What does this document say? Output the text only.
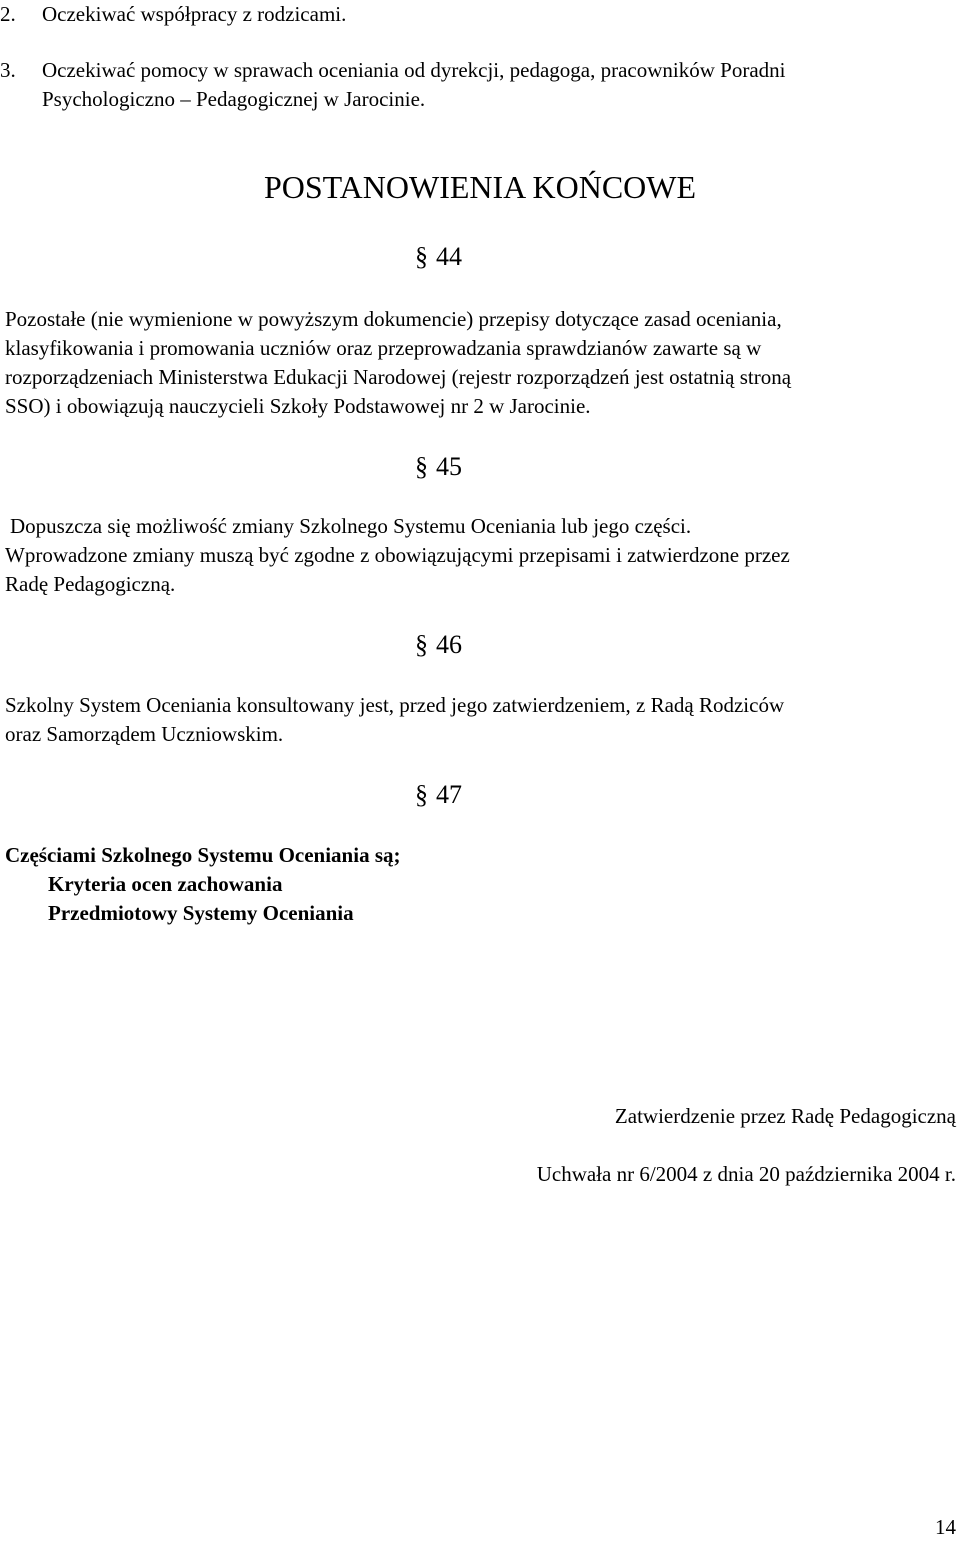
2. Oczekiwać współpracy z rodzicami.
3. Oczekiwać pomocy w sprawach oceniania od dyrekcji, pedagoga, pracowników Poradni
Psychologiczno – Pedagogicznej w Jarocinie.
POSTANOWIENIA KOŃCOWE
§ 44
Pozostałe (nie wymienione w powyższym dokumencie) przepisy dotyczące zasad oceniania,
klasyfikowania i promowania uczniów oraz przeprowadzania sprawdzianów zawarte są w
rozporządzeniach Ministerstwa Edukacji Narodowej (rejestr rozporządzeń jest ostatnią stroną
SSO) i obowiązują nauczycieli Szkoły Podstawowej nr 2 w Jarocinie.
§ 45
Dopuszcza się możliwość zmiany Szkolnego Systemu Oceniania lub jego części.
Wprowadzone zmiany muszą być zgodne z obowiązującymi przepisami i zatwierdzone przez
Radę Pedagogiczną.
§ 46
Szkolny System Oceniania konsultowany jest, przed jego zatwierdzeniem, z Radą Rodziców
oraz Samorządem Uczniowskim.
§ 47
Częściami Szkolnego Systemu Oceniania są;
Kryteria ocen zachowania
Przedmiotowy Systemy Oceniania
Zatwierdzenie przez Radę Pedagogiczną
Uchwała nr 6/2004 z dnia 20 października 2004 r.
14
